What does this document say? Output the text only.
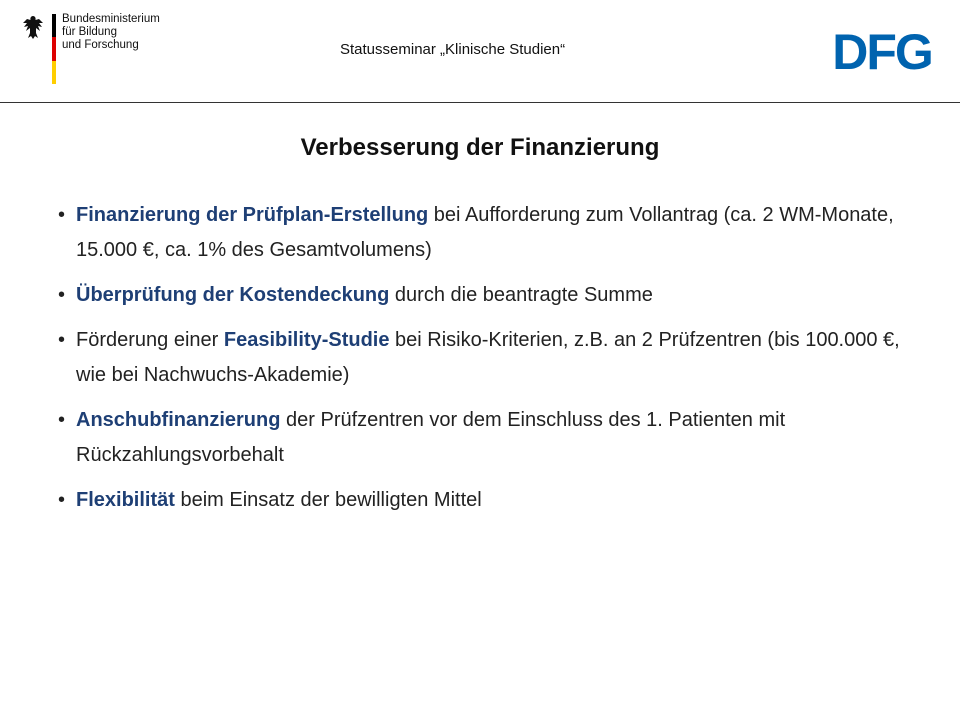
Bundesministerium
für Bildung
und Forschung	Statusseminar „Klinische Studien“	DFG
Verbesserung der Finanzierung
• Finanzierung der Prüfplan-Erstellung bei Aufforderung zum Vollantrag (ca. 2 WM-Monate, 15.000 €, ca. 1% des Gesamtvolumens)
• Überprüfung der Kostendeckung durch die beantragte Summe
• Förderung einer Feasibility-Studie bei Risiko-Kriterien, z.B. an 2 Prüfzentren (bis 100.000 €, wie bei Nachwuchs-Akademie)
• Anschubfinanzierung der Prüfzentren vor dem Einschluss des 1. Patienten mit Rückzahlungsvorbehalt
• Flexibilität beim Einsatz der bewilligten Mittel
